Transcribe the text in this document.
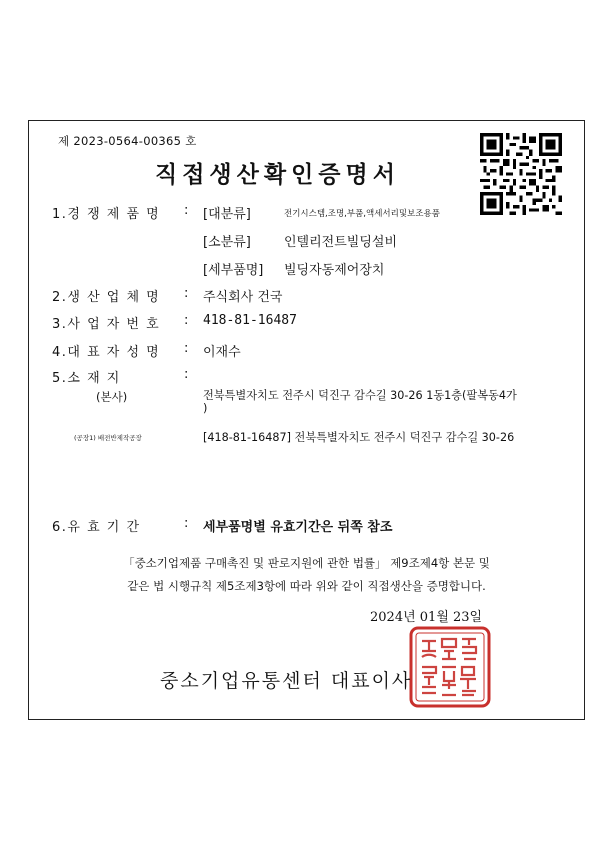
제 2023-0564-00365 호
직접생산확인증명서
1.경 쟁 제 품 명 : [대분류]	전기시스템,조명,부품,액세서리및보조용품
[소분류]	인텔리전트빌딩설비
[세부품명] 빌딩자동제어장치
2.생 산 업 체 명 : 주식회사 건국
3.사 업 자 번 호 : 418-81-16487
4.대 표 자 성 명 : 이재수
5.소 재 지	:
(본사)	전북특별자치도 전주시 덕진구 감수길 30-26 1동1층(팔복동4가
)
(공장1) 배전반제작공장	[418-81-16487] 전북특별자치도 전주시 덕진구 감수길 30-26
6.유 효 기 간	: 세부품명별 유효기간은 뒤쪽 참조
「중소기업제품 구매촉진 및 판로지원에 관한 법률」 제9조제4항 본문 및
같은 법 시행규칙 제5조제3항에 따라 위와 같이 직접생산을 증명합니다.
2024년 01월 23일
중소기업유통센터 대표이사
